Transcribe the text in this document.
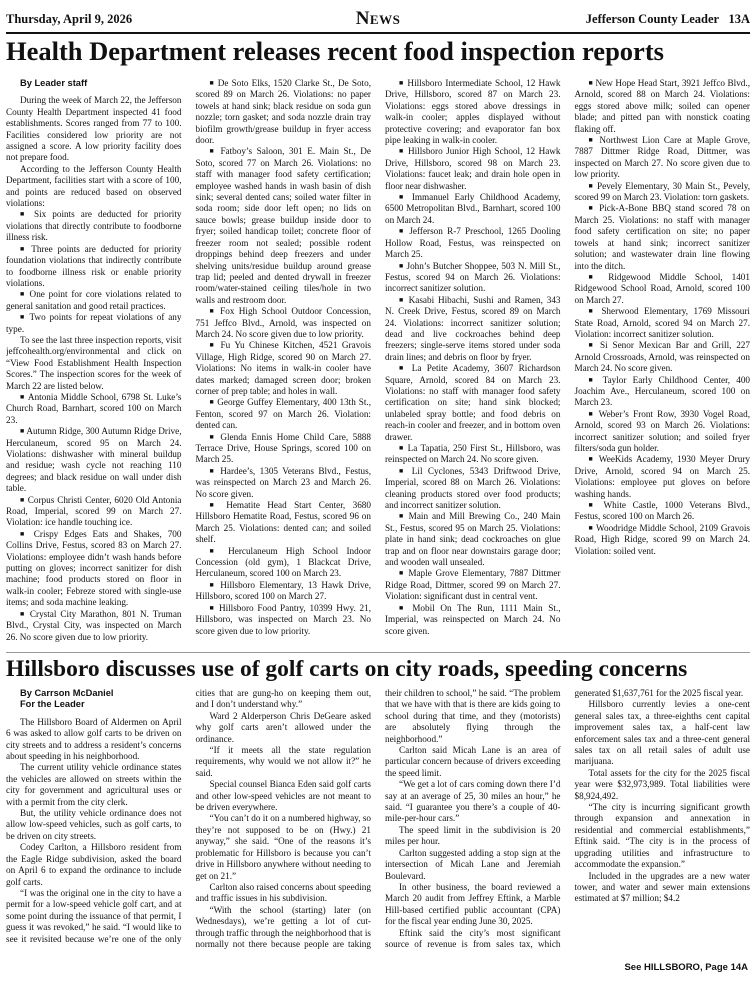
Thursday, April 9, 2026	News	Jefferson County Leader 13A
Health Department releases recent food inspection reports

By Leader staff

During the week of March 22, the Jefferson County Health Department inspected 41 food establishments. Scores ranged from 77 to 100. Facilities considered low priority are not assigned a score. A low priority facility does not prepare food.

According to the Jefferson County Health Department, facilities start with a score of 100, and points are reduced based on observed violations:

■ Six points are deducted for priority violations that directly contribute to foodborne illness risk.

■ Three points are deducted for priority foundation violations that indirectly contribute to foodborne illness risk or enable priority violations.

■ One point for core violations related to general sanitation and good retail practices.

■ Two points for repeat violations of any type.

To see the last three inspection reports, visit jeffcohealth.org/environmental and click on “View Food Establishment Health Inspection Scores.” The inspection scores for the week of March 22 are listed below.

■ Antonia Middle School, 6798 St. Luke’s Church Road, Barnhart, scored 100 on March 23.

■ Autumn Ridge, 300 Autumn Ridge Drive, Herculaneum, scored 95 on March 24. Violations: dishwasher with mineral buildup and residue; wash cycle not reaching 110 degrees; and black residue on wall under dish table.

■ Corpus Christi Center, 6020 Old Antonia Road, Imperial, scored 99 on March 27. Violation: ice handle touching ice.

■ Crispy Edges Eats and Shakes, 700 Collins Drive, Festus, scored 83 on March 27. Violations: employee didn’t wash hands before putting on gloves; incorrect sanitizer for dish machine; food products stored on floor in walk-in cooler; Febreze stored with single-use items; and soda machine leaking.

■ Crystal City Marathon, 801 N. Truman Blvd., Crystal City, was inspected on March 26. No score given due to low priority.

■ De Soto Elks, 1520 Clarke St., De Soto, scored 89 on March 26. Violations: no paper towels at hand sink; black residue on soda gun nozzle; torn gasket; and soda nozzle drain tray biofilm growth/grease buildup in fryer access door.

■ Fatboy’s Saloon, 301 E. Main St., De Soto, scored 77 on March 26. Violations: no staff with manager food safety certification; employee washed hands in wash basin of dish sink; several dented cans; soiled water filter in soda room; side door left open; no lids on sauce bowls; grease buildup inside door to fryer; soiled handicap toilet; concrete floor of freezer room not sealed; possible rodent droppings behind deep freezers and under shelving units/residue buildup around grease trap lid; peeled and dented drywall in freezer room/water-stained ceiling tiles/hole in two walls and restroom door.

■ Fox High School Outdoor Concession, 751 Jeffco Blvd., Arnold, was inspected on March 24. No score given due to low priority.

■ Fu Yu Chinese Kitchen, 4521 Gravois Village, High Ridge, scored 90 on March 27. Violations: No items in walk-in cooler have dates marked; damaged screen door; broken corner of prep table; and holes in wall.

■ George Guffey Elementary, 400 13th St., Fenton, scored 97 on March 26. Violation: dented can.

■ Glenda Ennis Home Child Care, 5888 Terrace Drive, House Springs, scored 100 on March 25.

■ Hardee’s, 1305 Veterans Blvd., Festus, was reinspected on March 23 and March 26. No score given.

■ Hematite Head Start Center, 3680 Hillsboro Hematite Road, Festus, scored 96 on March 25. Violations: dented can; and soiled shelf.

■ Herculaneum High School Indoor Concession (old gym), 1 Blackcat Drive, Herculaneum, scored 100 on March 23.

■ Hillsboro Elementary, 13 Hawk Drive, Hillsboro, scored 100 on March 27.

■ Hillsboro Food Pantry, 10399 Hwy. 21, Hillsboro, was inspected on March 23. No score given due to low priority.

■ Hillsboro Intermediate School, 12 Hawk Drive, Hillsboro, scored 87 on March 23. Violations: eggs stored above dressings in walk-in cooler; apples displayed without protective covering; and evaporator fan box pipe leaking in walk-in cooler.

■ Hillsboro Junior High School, 12 Hawk Drive, Hillsboro, scored 98 on March 23. Violations: faucet leak; and drain hole open in floor near dishwasher.

■ Immanuel Early Childhood Academy, 6500 Metropolitan Blvd., Barnhart, scored 100 on March 24.

■ Jefferson R-7 Preschool, 1265 Dooling Hollow Road, Festus, was reinspected on March 25.

■ John’s Butcher Shoppee, 503 N. Mill St., Festus, scored 94 on March 26. Violations: incorrect sanitizer solution.

■ Kasabi Hibachi, Sushi and Ramen, 343 N. Creek Drive, Festus, scored 89 on March 24. Violations: incorrect sanitizer solution; dead and live cockroaches behind deep freezers; single-serve items stored under soda drain lines; and debris on floor by fryer.

■ La Petite Academy, 3607 Richardson Square, Arnold, scored 84 on March 23. Violations: no staff with manager food safety certification on site; hand sink blocked; unlabeled spray bottle; and food debris on reach-in cooler and freezer, and in bottom oven drawer.

■ La Tapatia, 250 First St., Hillsboro, was reinspected on March 24. No score given.

■ Lil Cyclones, 5343 Driftwood Drive, Imperial, scored 88 on March 26. Violations: cleaning products stored over food products; and incorrect sanitizer solution.

■ Main and Mill Brewing Co., 240 Main St., Festus, scored 95 on March 25. Violations: plate in hand sink; dead cockroaches on glue trap and on floor near downstairs garage door; and wooden wall unsealed.

■ Maple Grove Elementary, 7887 Dittmer Ridge Road, Dittmer, scored 99 on March 27. Violation: significant dust in central vent.

■ Mobil On The Run, 1111 Main St., Imperial, was reinspected on March 24. No score given.

■ New Hope Head Start, 3921 Jeffco Blvd., Arnold, scored 88 on March 24. Violations: eggs stored above milk; soiled can opener blade; and pitted pan with nonstick coating flaking off.

■ Northwest Lion Care at Maple Grove, 7887 Dittmer Ridge Road, Dittmer, was inspected on March 27. No score given due to low priority.

■ Pevely Elementary, 30 Main St., Pevely, scored 99 on March 23. Violation: torn gaskets.

■ Pick-A-Bone BBQ stand scored 78 on March 25. Violations: no staff with manager food safety certification on site; no paper towels at hand sink; incorrect sanitizer solution; and wastewater drain line flowing into the ditch.

■ Ridgewood Middle School, 1401 Ridgewood School Road, Arnold, scored 100 on March 27.

■ Sherwood Elementary, 1769 Missouri State Road, Arnold, scored 94 on March 27. Violation: incorrect sanitizer solution.

■ Si Senor Mexican Bar and Grill, 227 Arnold Crossroads, Arnold, was reinspected on March 24. No score given.

■ Taylor Early Childhood Center, 400 Joachim Ave., Herculaneum, scored 100 on March 23.

■ Weber’s Front Row, 3930 Vogel Road, Arnold, scored 93 on March 26. Violations: incorrect sanitizer solution; and soiled fryer filters/soda gun holder.

■ WeeKids Academy, 1930 Meyer Drury Drive, Arnold, scored 94 on March 25. Violations: employee put gloves on before washing hands.

■ White Castle, 1000 Veterans Blvd., Festus, scored 100 on March 26.

■ Woodridge Middle School, 2109 Gravois Road, High Ridge, scored 99 on March 24. Violation: soiled vent.

Hillsboro discusses use of golf carts on city roads, speeding concerns

By Carrson McDaniel

For the Leader

The Hillsboro Board of Aldermen on April 6 was asked to allow golf carts to be driven on city streets and to address a resident’s concerns about speeding in his neighborhood.

The current utility vehicle ordinance states the vehicles are allowed on streets within the city for government and agricultural uses or with a permit from the city clerk.

But, the utility vehicle ordinance does not allow low-speed vehicles, such as golf carts, to be driven on city streets.

Codey Carlton, a Hillsboro resident from the Eagle Ridge subdivision, asked the board on April 6 to expand the ordinance to include golf carts.

“I was the original one in the city to have a permit for a low-speed vehicle golf cart, and at some point during the issuance of that permit, I guess it was revoked,” he said. “I would like to see it revisited because we’re one of the only cities that are gung-ho on keeping them out, and I don’t understand why.”

Ward 2 Alderperson Chris DeGeare asked why golf carts aren’t allowed under the ordinance.

“If it meets all the state regulation requirements, why would we not allow it?” he said.

Special counsel Bianca Eden said golf carts and other low-speed vehicles are not meant to be driven everywhere.

“You can’t do it on a numbered highway, so they’re not supposed to be on (Hwy.) 21 anyway,” she said. “One of the reasons it’s problematic for Hillsboro is because you can’t drive in Hillsboro anywhere without needing to get on 21.”

Carlton also raised concerns about speeding and traffic issues in his subdivision.

“With the school (starting) later (on Wednesdays), we’re getting a lot of cut-through traffic through the neighborhood that is normally not there because people are taking their children to school,” he said. “The problem that we have with that is there are kids going to school during that time, and they (motorists) are absolutely flying through the neighborhood.”

Carlton said Micah Lane is an area of particular concern because of drivers exceeding the speed limit.

“We get a lot of cars coming down there I’d say at an average of 25, 30 miles an hour,” he said. “I guarantee you there’s a couple of 40-mile-per-hour cars.”

The speed limit in the subdivision is 20 miles per hour.

Carlton suggested adding a stop sign at the intersection of Micah Lane and Jeremiah Boulevard.

In other business, the board reviewed a March 20 audit from Jeffrey Eftink, a Marble Hill-based certified public accountant (CPA) for the fiscal year ending June 30, 2025.

Eftink said the city’s most significant source of revenue is from sales tax, which generated $1,637,761 for the 2025 fiscal year.

Hillsboro currently levies a one-cent general sales tax, a three-eighths cent capital improvement sales tax, a half-cent law enforcement sales tax and a three-cent general sales tax on all retail sales of adult use marijuana.

Total assets for the city for the 2025 fiscal year were $32,973,989. Total liabilities were $8,924,492.

“The city is incurring significant growth through expansion and annexation in residential and commercial establishments,” Eftink said. “The city is in the process of upgrading utilities and infrastructure to accommodate the expansion.”

Included in the upgrades are a new water tower, and water and sewer main extensions estimated at $7 million; $4.2

See HILLSBORO, Page 14A
